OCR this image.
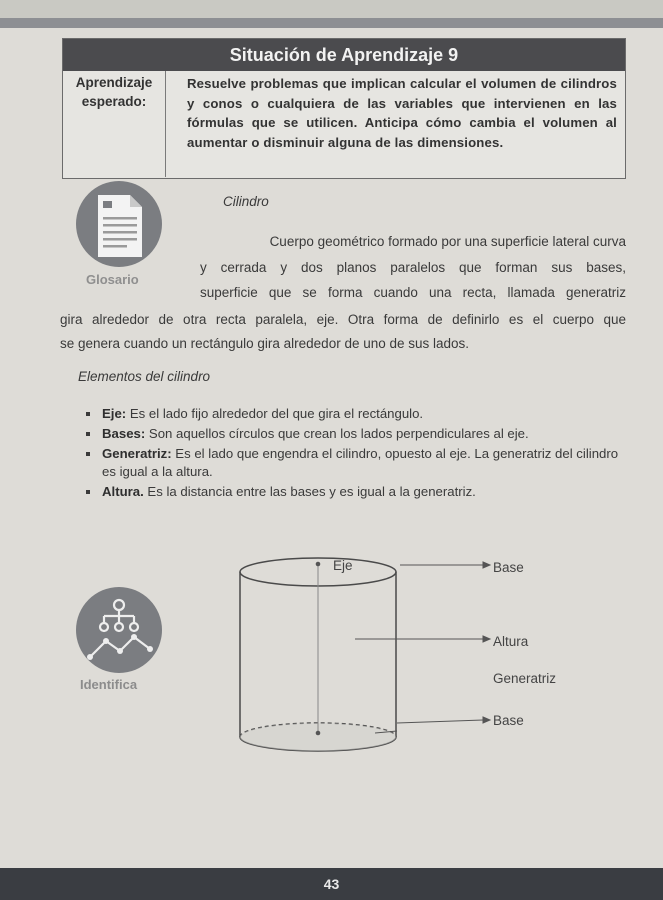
Situación de Aprendizaje 9
Aprendizaje
esperado:
Resuelve problemas que implican calcular el volumen de cilindros y conos o cualquiera de las variables que intervienen en las fórmulas que se utilicen. Anticipa cómo cambia el volumen al aumentar o disminuir alguna de las dimensiones.
Glosario
Cilindro
Cuerpo geométrico formado por una superficie lateral curva
y cerrada y dos planos paralelos que forman sus bases,
superficie que se forma cuando una recta, llamada generatriz
gira alrededor de otra recta paralela, eje. Otra forma de definirlo es el cuerpo que
se genera cuando un rectángulo gira alrededor de uno de sus lados.
Elementos del cilindro
Eje: Es el lado fijo alrededor del que gira el rectángulo.
Bases: Son aquellos círculos que crean los lados perpendiculares al eje.
Generatriz: Es el lado que engendra el cilindro, opuesto al eje. La generatriz del cilindro es igual a la altura.
Altura. Es la distancia entre las bases y es igual a la generatriz.
Identifica
Eje	Base
Altura
Generatriz
Base
43
